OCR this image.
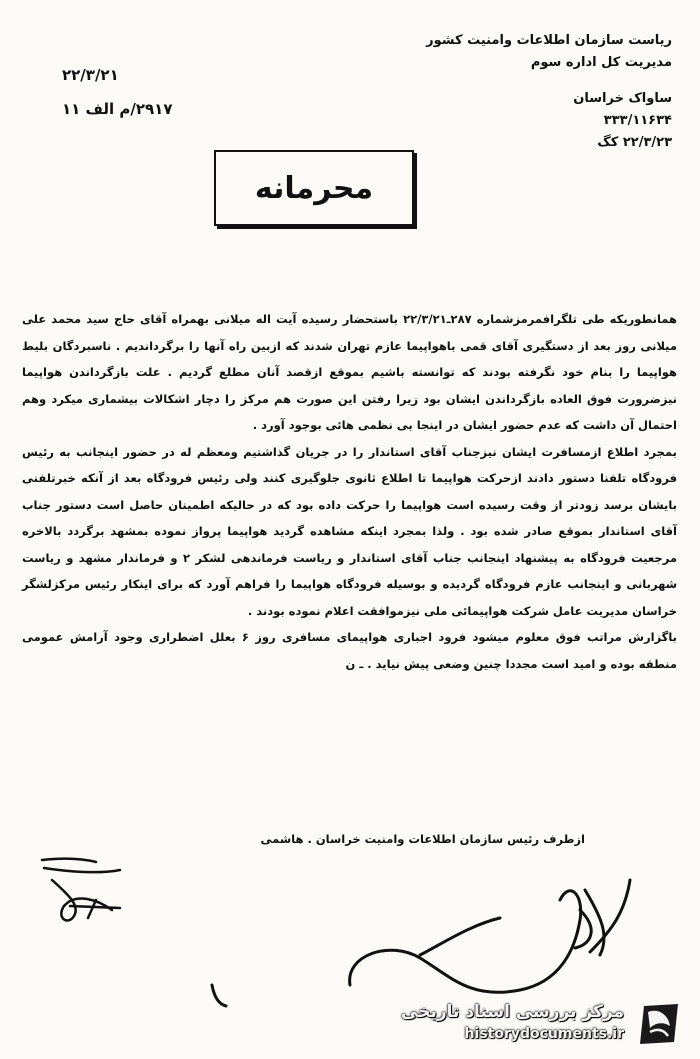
ریاست سازمان اطلاعات وامنیت کشور
مدیریت کل اداره سوم
ساواک خراسان
۳۳۳/۱۱۶۳۴
۲۲/۳/۲۳ کگ
۲۲/۳/۲۱
۲۹۱۷/م الف ۱۱
محرمانه

همانطوریکه طی تلگرافمرمزشماره ۲۸۷ـ۲۲/۳/۲۱ باستحضار رسیده آیت اله میلانی بهمراه آقای حاج سید محمد علی میلانی روز بعد از دستگیری آقای قمی باهواپیما عازم تهران شدند که ازبین راه آنها را برگرداندیم . ناسبردگان بلیط هواپیما را بنام خود نگرفته بودند که توانسته باشیم بموقع ازقصد آنان مطلع گردیم . علت بازگرداندن هواپیما نیزضرورت فوق العاده بازگرداندن ایشان بود زیرا رفتن این صورت هم مرکز را دچار اشکالات بیشماری میکرد وهم احتمال آن داشت که عدم حضور ایشان در اینجا بی نظمی هائی بوجود آورد .

بمجرد اطلاع ازمسافرت ایشان نیزجناب آقای استاندار را در جریان گذاشتیم ومعظم له در حضور اینجانب به رئیس فرودگاه تلفنا دستور دادند ازحرکت هواپیما تا اطلاع ثانوی جلوگیری کنند ولی رئیس فرودگاه بعد از آنکه خبرتلفنی بایشان برسد زودتر از وقت رسیده است هواپیما را حرکت داده بود که در حالیکه اطمینان حاصل است دستور جناب آقای استاندار بموقع صادر شده بود . ولذا بمجرد اینکه مشاهده گردید هواپیما پرواز نموده بمشهد برگردد بالاخره مرجعیت فرودگاه به پیشنهاد اینجانب جناب آقای استاندار و ریاست فرماندهی لشکر ۲ و فرماندار مشهد و ریاست شهربانی و اینجانب عازم فرودگاه گردیده و بوسیله فرودگاه هواپیما را فراهم آورد که برای اینکار رئیس مرکزلشگر خراسان مدیریت عامل شرکت هواپیمائی ملی نیزموافقت اعلام نموده بودند .

باگزارش مراتب فوق معلوم میشود فرود اجباری هواپیمای مسافری روز ۶ بعلل اضطراری وجود آرامش عمومی منطقه بوده و امید است مجددا چنین وضعی پیش نیاید . ـ ن

ازطرف رئیس سازمان اطلاعات وامنیت خراسان . هاشمی
مرکز بررسی اسناد تاریخی
historydocuments.ir
